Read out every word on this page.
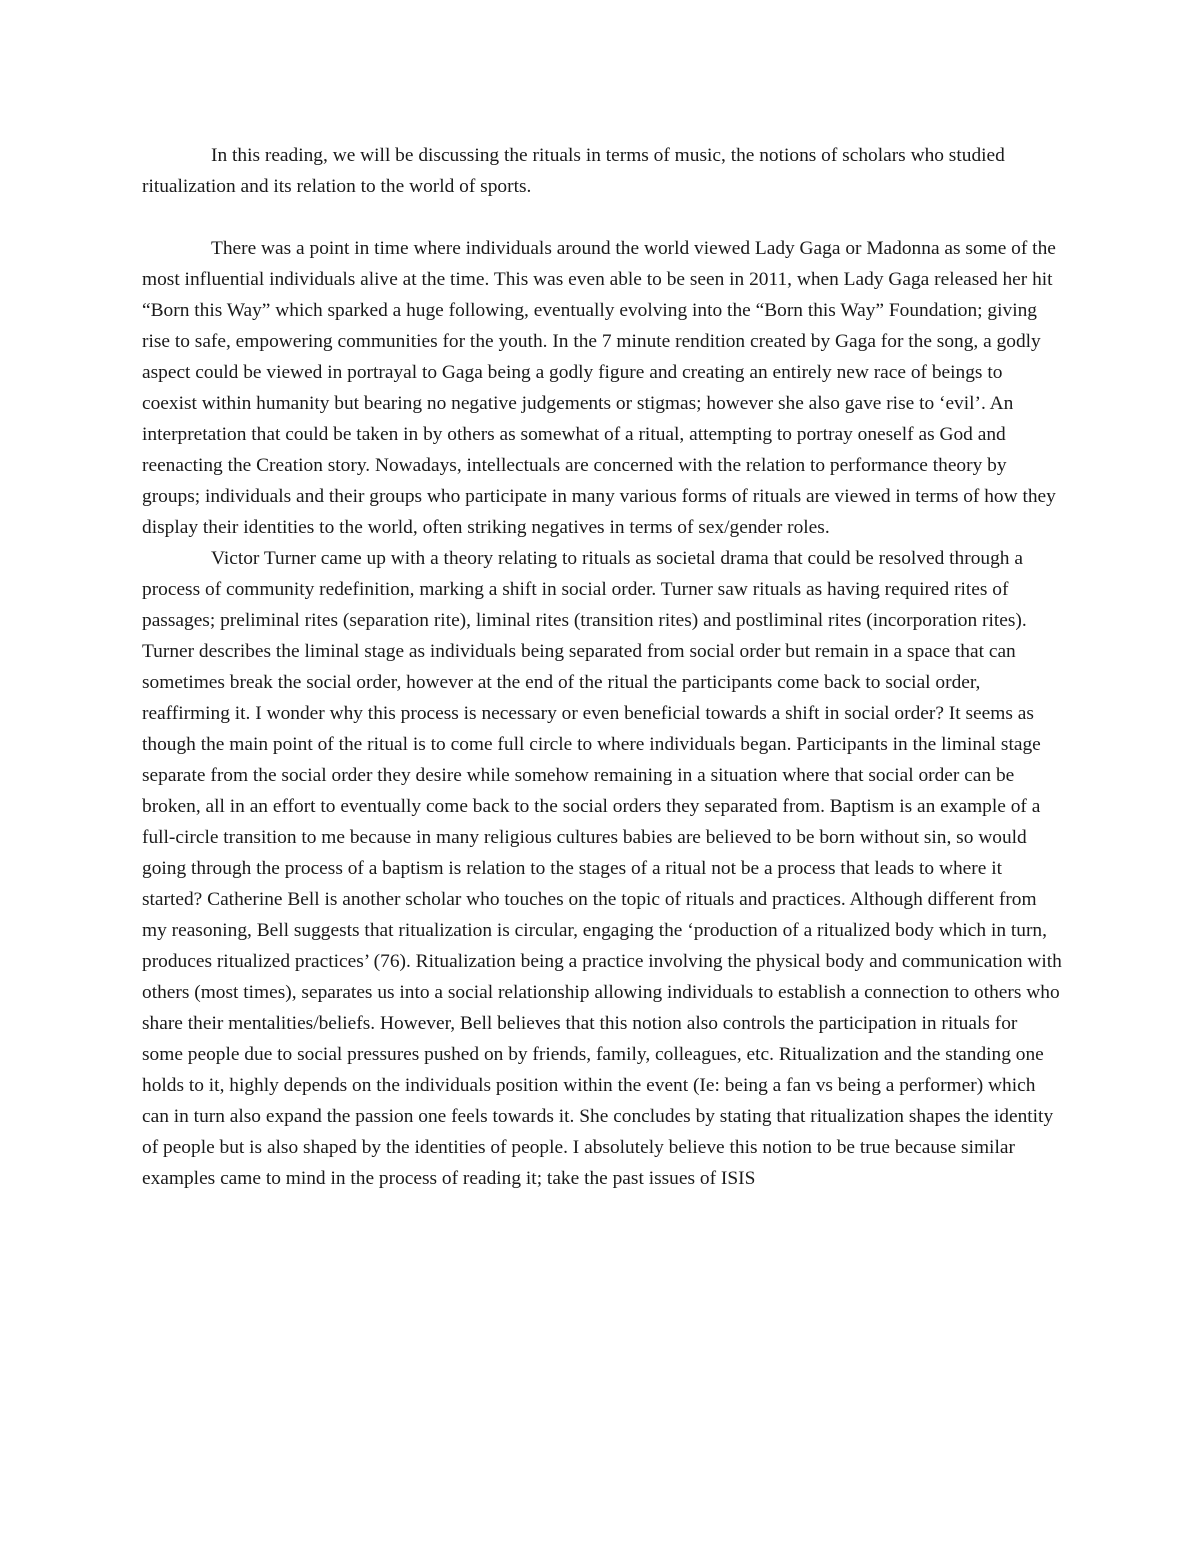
In this reading, we will be discussing the rituals in terms of music, the notions of scholars who studied ritualization and its relation to the world of sports.

There was a point in time where individuals around the world viewed Lady Gaga or Madonna as some of the most influential individuals alive at the time. This was even able to be seen in 2011, when Lady Gaga released her hit “Born this Way” which sparked a huge following, eventually evolving into the “Born this Way” Foundation; giving rise to safe, empowering communities for the youth. In the 7 minute rendition created by Gaga for the song, a godly aspect could be viewed in portrayal to Gaga being a godly figure and creating an entirely new race of beings to coexist within humanity but bearing no negative judgements or stigmas; however she also gave rise to ‘evil’. An interpretation that could be taken in by others as somewhat of a ritual, attempting to portray oneself as God and reenacting the Creation story. Nowadays, intellectuals are concerned with the relation to performance theory by groups; individuals and their groups who participate in many various forms of rituals are viewed in terms of how they display their identities to the world, often striking negatives in terms of sex/gender roles.

Victor Turner came up with a theory relating to rituals as societal drama that could be resolved through a process of community redefinition, marking a shift in social order. Turner saw rituals as having required rites of passages; preliminal rites (separation rite), liminal rites (transition rites) and postliminal rites (incorporation rites). Turner describes the liminal stage as individuals being separated from social order but remain in a space that can sometimes break the social order, however at the end of the ritual the participants come back to social order, reaffirming it. I wonder why this process is necessary or even beneficial towards a shift in social order? It seems as though the main point of the ritual is to come full circle to where individuals began. Participants in the liminal stage separate from the social order they desire while somehow remaining in a situation where that social order can be broken, all in an effort to eventually come back to the social orders they separated from. Baptism is an example of a full-circle transition to me because in many religious cultures babies are believed to be born without sin, so would going through the process of a baptism is relation to the stages of a ritual not be a process that leads to where it started? Catherine Bell is another scholar who touches on the topic of rituals and practices. Although different from my reasoning, Bell suggests that ritualization is circular, engaging the ‘production of a ritualized body which in turn, produces ritualized practices’ (76). Ritualization being a practice involving the physical body and communication with others (most times), separates us into a social relationship allowing individuals to establish a connection to others who share their mentalities/beliefs. However, Bell believes that this notion also controls the participation in rituals for some people due to social pressures pushed on by friends, family, colleagues, etc. Ritualization and the standing one holds to it, highly depends on the individuals position within the event (Ie: being a fan vs being a performer) which can in turn also expand the passion one feels towards it. She concludes by stating that ritualization shapes the identity of people but is also shaped by the identities of people. I absolutely believe this notion to be true because similar examples came to mind in the process of reading it; take the past issues of ISIS
